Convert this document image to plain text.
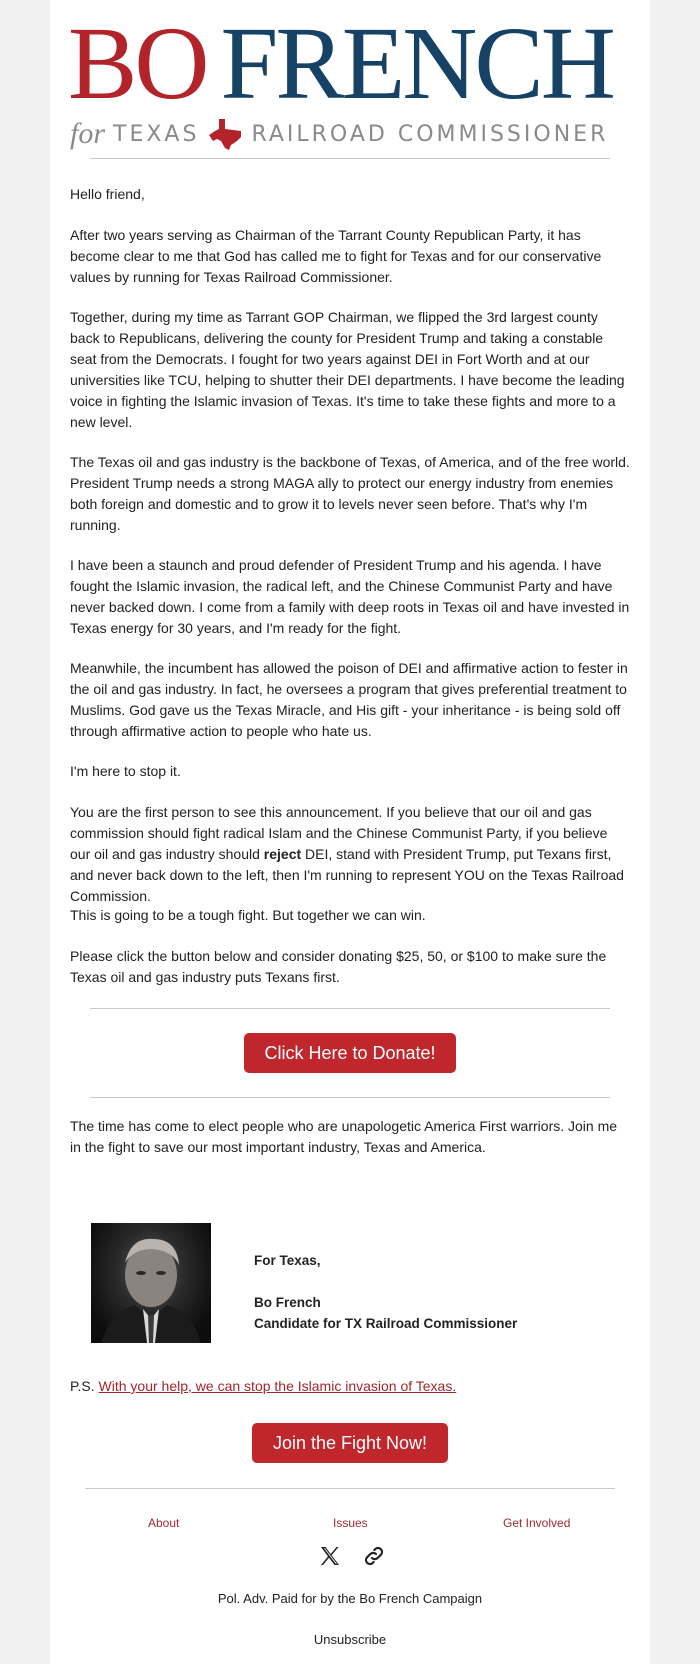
BO FRENCH
for TEXAS RAILROAD COMMISSIONER

Hello friend,

After two years serving as Chairman of the Tarrant County Republican Party, it has become clear to me that God has called me to fight for Texas and for our conservative values by running for Texas Railroad Commissioner.

Together, during my time as Tarrant GOP Chairman, we flipped the 3rd largest county back to Republicans, delivering the county for President Trump and taking a constable seat from the Democrats. I fought for two years against DEI in Fort Worth and at our universities like TCU, helping to shutter their DEI departments. I have become the leading voice in fighting the Islamic invasion of Texas. It's time to take these fights and more to a new level.

The Texas oil and gas industry is the backbone of Texas, of America, and of the free world. President Trump needs a strong MAGA ally to protect our energy industry from enemies both foreign and domestic and to grow it to levels never seen before. That's why I'm running.

I have been a staunch and proud defender of President Trump and his agenda. I have fought the Islamic invasion, the radical left, and the Chinese Communist Party and have never backed down. I come from a family with deep roots in Texas oil and have invested in Texas energy for 30 years, and I'm ready for the fight.

Meanwhile, the incumbent has allowed the poison of DEI and affirmative action to fester in the oil and gas industry. In fact, he oversees a program that gives preferential treatment to Muslims. God gave us the Texas Miracle, and His gift - your inheritance - is being sold off through affirmative action to people who hate us.

I'm here to stop it.

You are the first person to see this announcement. If you believe that our oil and gas commission should fight radical Islam and the Chinese Communist Party, if you believe our oil and gas industry should reject DEI, stand with President Trump, put Texans first, and never back down to the left, then I'm running to represent YOU on the Texas Railroad Commission.

This is going to be a tough fight. But together we can win.

Please click the button below and consider donating $25, 50, or $100 to make sure the Texas oil and gas industry puts Texans first.

Click Here to Donate!
The time has come to elect people who are unapologetic America First warriors. Join me in the fight to save our most important industry, Texas and America.
For Texas,
Bo French
Candidate for TX Railroad Commissioner
P.S. With your help, we can stop the Islamic invasion of Texas.
Join the Fight Now!
About	Issues	Get Involved
Pol. Adv. Paid for by the Bo French Campaign
Unsubscribe
